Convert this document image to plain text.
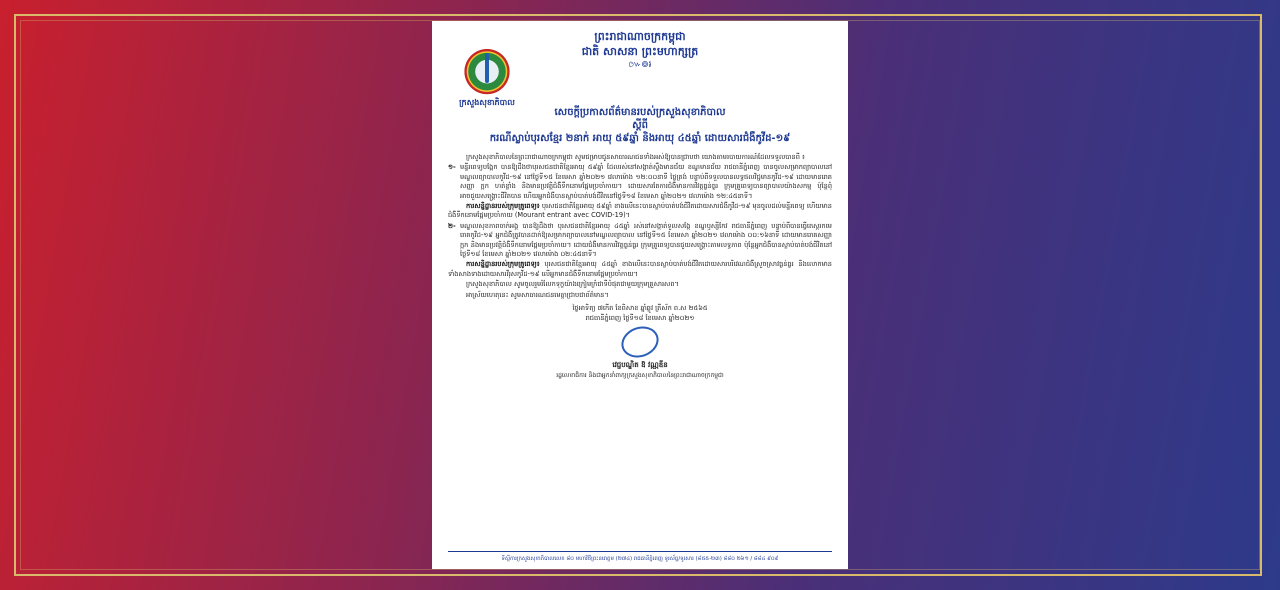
ក្រសួងសុខាភិបាល
ព្រះរាជាណាចក្រកម្ពុជា
ជាតិ សាសនា ព្រះមហាក្សត្រ
៚៙៛
សេចក្តីប្រកាសព័ត៌មានរបស់ក្រសួងសុខាភិបាល
ស្តីពី
ករណីស្លាប់បុរសខ្មែរ ២នាក់ អាយុ ៥៩ឆ្នាំ និងអាយុ ៤៥ឆ្នាំ ដោយសារជំងឺកូវីដ-១៩

ក្រសួងសុខាភិបាលនៃព្រះរាជាណាចក្រកម្ពុជា សូមជម្រាបជូនសាធារណជនទាំងអស់ឱ្យបានជ្រាបថា យោងតាមរបាយការណ៍ដែលទទួលបានពី ៖

១- មន្ទីរពេទ្យបង្អែក បានឱ្យដឹងថាបុរសជនជាតិខ្មែរអាយុ ៥៩ឆ្នាំ ដែលរស់នៅសង្កាត់ស្ទឹងមានជ័យ ខណ្ឌមានជ័យ រាជធានីភ្នំពេញ បានចូលសម្រាកព្យាបាលនៅមណ្ឌលព្យាបាលកូវីដ-១៩ នៅថ្ងៃទី១៥ ខែមេសា ឆ្នាំ២០២១ វេលាម៉ោង ១២:០០នាទី ថ្ងៃត្រង់ បន្ទាប់ពីទទួលបានលទ្ធផលវិជ្ជមានកូវីដ-១៩ ដោយមានរោគសញ្ញា ក្អក ហត់ខ្លាំង និងមានប្រវត្តិជំងឺទឹកនោមផ្អែមប្រចាំកាយ។ ដោយសារតែការជំងឺមានការវិវត្តធ្ងន់ធ្ងរ ក្រុមគ្រូពេទ្យបានព្យាបាលយ៉ាងសកម្ម ប៉ុន្តែពុំអាចជួយសង្គ្រោះជីវិតបាន ហើយអ្នកជំងឺបានស្លាប់បាត់បង់ជីវិតនៅថ្ងៃទី១៨ ខែមេសា ឆ្នាំ២០២១ វេលាម៉ោង ១២:៤៥នាទី។

ការសន្និដ្ឋានរបស់ក្រុមគ្រូពេទ្យ៖ បុរសជនជាតិខ្មែរអាយុ ៥៩ឆ្នាំ ខាងលើនេះបានស្លាប់បាត់បង់ជីវិតដោយសារជំងឺកូវីដ-១៩ មុនចូលដល់មន្ទីរពេទ្យ ហើយមានជំងឺទឹកនោមផ្អែមប្រចាំកាយ (Mourant entrant avec COVID-19)។

២- មណ្ឌលសុខភាពចាក់អង្គ បានឱ្យដឹងថា បុរសជនជាតិខ្មែរអាយុ ៤៥ឆ្នាំ រស់នៅសង្កាត់ទួលសង្កែ ខណ្ឌឫស្សីកែវ រាជធានីភ្នំពេញ បន្ទាប់ពីបានធ្វើតេស្តរកមេរោគកូវីដ-១៩ អ្នកជំងឺត្រូវបានដាក់ឱ្យសម្រាកព្យាបាលនៅមណ្ឌលព្យាបាល នៅថ្ងៃទី១៥ ខែមេសា ឆ្នាំ២០២១ វេលាម៉ោង ០០:១៦នាទី ដោយមានរោគសញ្ញា ក្អក និងមានប្រវត្តិជំងឺទឹកនោមផ្អែមប្រចាំកាយ។ ដោយជំងឺមានការវិវត្តធ្ងន់ធ្ងរ ក្រុមគ្រូពេទ្យបានជួយសង្គ្រោះតាមលទ្ធភាព ប៉ុន្តែអ្នកជំងឺបានស្លាប់បាត់បង់ជីវិតនៅថ្ងៃទី១៨ ខែមេសា ឆ្នាំ២០២១ វេលាម៉ោង ០២:៤៥នាទី។

ការសន្និដ្ឋានរបស់ក្រុមគ្រូពេទ្យ៖ បុរសជនជាតិខ្មែរអាយុ ៤៥ឆ្នាំ ខាងលើនេះបានស្លាប់បាត់បង់ជីវិតដោយសារបរិវេណជំងឺស្រួចស្រាវធ្ងន់ធ្ងរ និងលោកមានទាំងសាងទាងដោយសារវីរុសកូវីដ-១៩ លើអ្នកមានជំងឺទឹកនោមផ្អែមប្រចាំកាយ។

ក្រសួងសុខាភិបាល សូមចូលរួមរំលែកទុក្ខយ៉ាងក្រៀមក្រំជាទីបំផុតជាមួយក្រុមគ្រួសារសព។

អាស្រ័យហេតុនេះ សូមសាធារណជនមេត្តាជ្រាបជាព័ត៌មាន។

ថ្ងៃអាទិត្យ ៧កើត ខែពិសាខ ឆ្នាំឆ្លូវ ត្រីស័ក ព.ស ២៥៦៥
រាជធានីភ្នំពេញ ថ្ងៃទី១៨ ខែមេសា ឆ្នាំ២០២១
វេជ្ជបណ្ឌិត ឱ វណ្ណឌីន
រដ្ឋលេខាធិការ និងជាអ្នកនាំពាក្យក្រសួងសុខាភិបាលនៃព្រះរាជាណាចក្រកម្ពុជា
ទីស្តីការក្រសួងសុខាភិបាលលេខ ៨០ មហាវិថីព្រះនរោត្តម (២៧៤) រាជធានីភ្នំពេញ ទូរស័ព្ទ/ទូរសារ (៨៥៥-២៣) ៨៨០ ២៦១ / ៨៨៤ ៩០៩
